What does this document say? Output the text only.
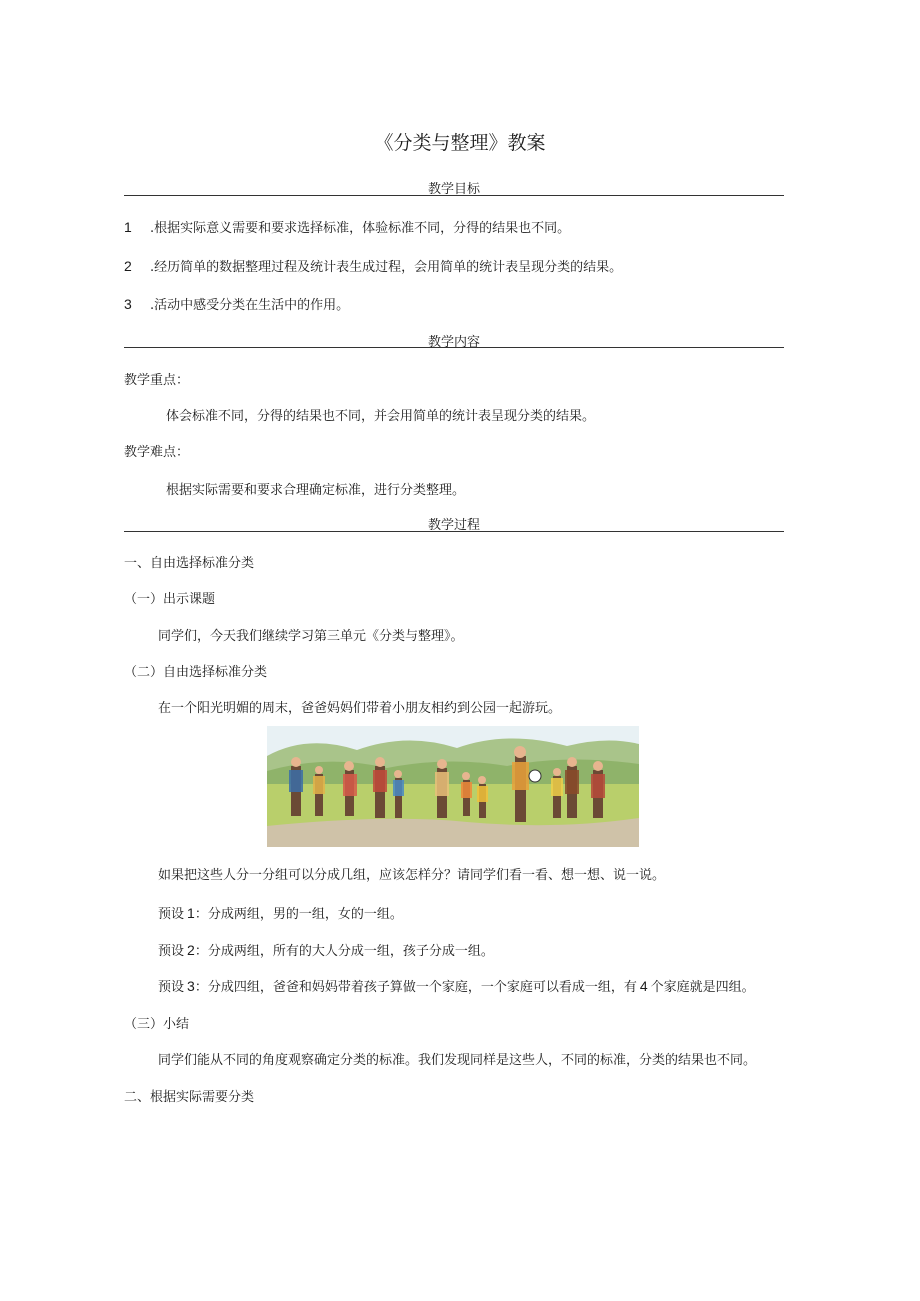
《分类与整理》教案
教学目标
1 .根据实际意义需要和要求选择标准，体验标准不同，分得的结果也不同。
2 .经历简单的数据整理过程及统计表生成过程，会用简单的统计表呈现分类的结果。
3 .活动中感受分类在生活中的作用。
教学内容
教学重点：
体会标准不同，分得的结果也不同，并会用简单的统计表呈现分类的结果。
教学难点：
根据实际需要和要求合理确定标准，进行分类整理。
教学过程
一、自由选择标准分类
（一）出示课题
同学们，今天我们继续学习第三单元《分类与整理》。
（二）自由选择标准分类
在一个阳光明媚的周末，爸爸妈妈们带着小朋友相约到公园一起游玩。
如果把这些人分一分组可以分成几组，应该怎样分？请同学们看一看、想一想、说一说。
预设 1：分成两组，男的一组，女的一组。
预设 2：分成两组，所有的大人分成一组，孩子分成一组。
预设 3：分成四组，爸爸和妈妈带着孩子算做一个家庭，一个家庭可以看成一组，有 4 个家庭就是四组。
（三）小结
同学们能从不同的角度观察确定分类的标准。我们发现同样是这些人，不同的标准，分类的结果也不同。
二、根据实际需要分类
